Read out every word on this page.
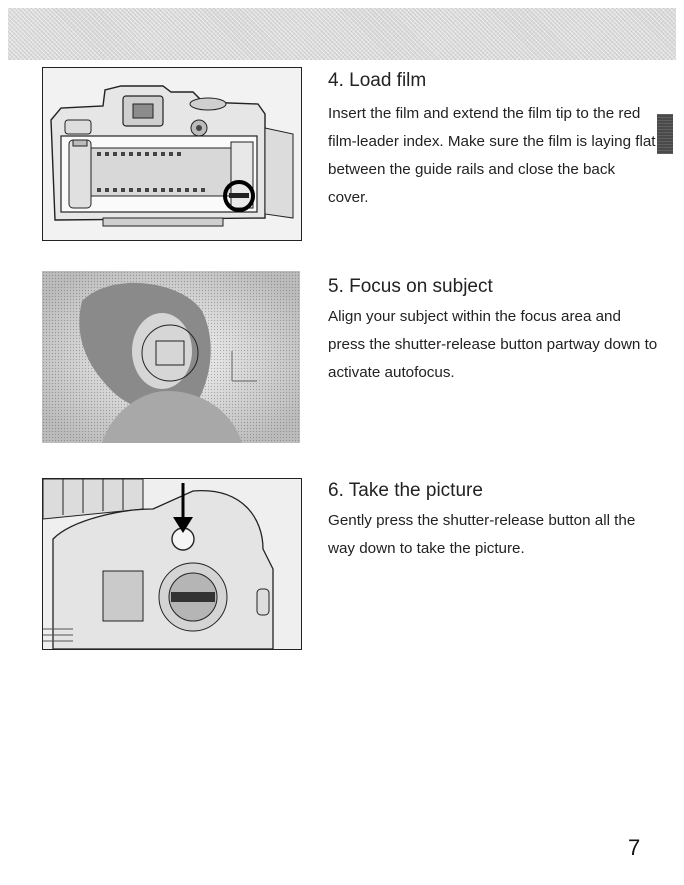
4. Load film

Insert the film and extend the film tip to the red film-leader index. Make sure the film is laying flat between the guide rails and close the back cover.

5. Focus on subject

Align your subject within the focus area and press the shutter-release button partway down to activate autofocus.

6. Take the picture

Gently press the shutter-release button all the way down to take the picture.

7
